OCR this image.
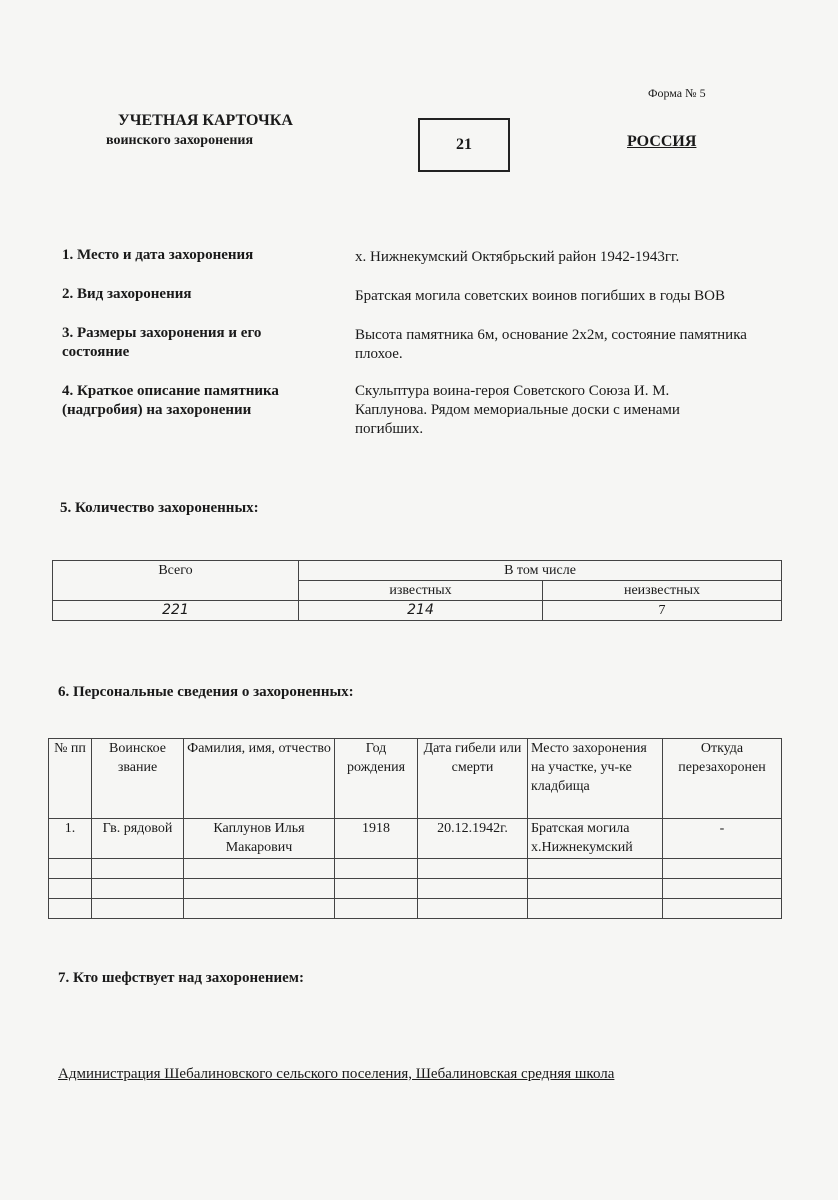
Форма № 5
УЧЕТНАЯ КАРТОЧКА
воинского захоронения	21	РОССИЯ
1. Место и дата захоронения	х. Нижнекумский Октябрьский район 1942-1943гг.
2. Вид захоронения	Братская могила советских воинов погибших в годы ВОВ
3. Размеры захоронения и его состояние
Высота памятника 6м, основание 2х2м, состояние памятника плохое.
4. Краткое описание памятника (надгробия) на захоронении
Скульптура воина-героя Советского Союза И. М. Каплунова. Рядом мемориальные доски с именами погибших.
5. Количество захороненных:
Всего	В том числе	
	известных	неизвестных
221	214	7
6. Персональные сведения о захороненных:
№ пп	Воинское звание	Фамилия, имя, отчество	Год рождения	Дата гибели или смерти	Место захоронения на участке, уч-ке кладбища	Откуда перезахоронен
1.	Гв. рядовой	Каплунов Илья Макарович	1918	20.12.1942г.	Братская могила х.Нижнекумский	-

7. Кто шефствует над захоронением:
Администрация Шебалиновского сельского поселения, Шебалиновская средняя школа
